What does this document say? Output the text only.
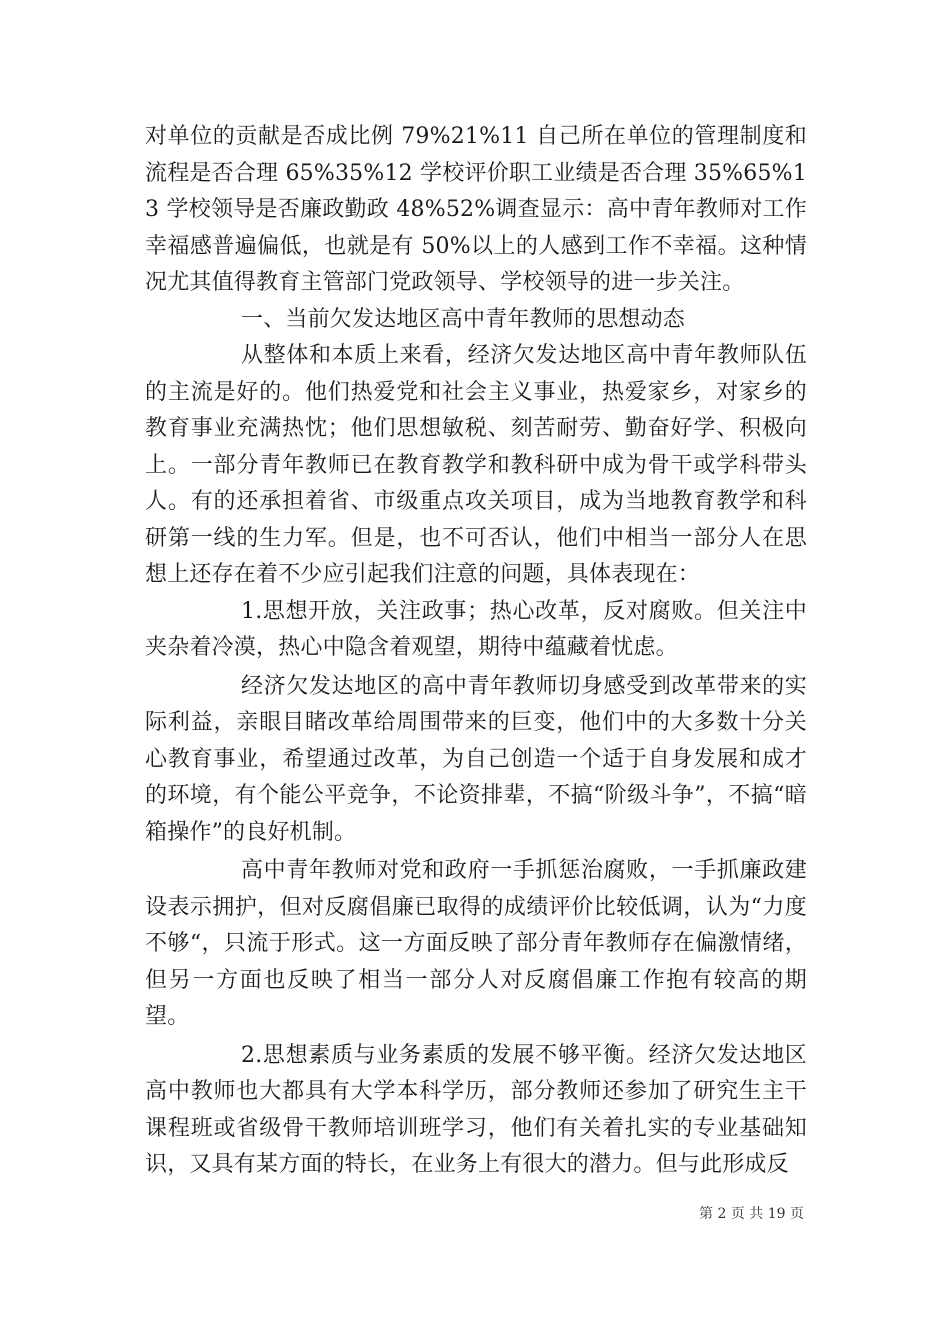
对单位的贡献是否成比例 79%21%11 自己所在单位的管理制度和流程是否合理 65%35%12 学校评价职工业绩是否合理 35%65%13 学校领导是否廉政勤政 48%52%调查显示：高中青年教师对工作幸福感普遍偏低，也就是有 50%以上的人感到工作不幸福。这种情况尤其值得教育主管部门党政领导、学校领导的进一步关注。

一、当前欠发达地区高中青年教师的思想动态

从整体和本质上来看，经济欠发达地区高中青年教师队伍的主流是好的。他们热爱党和社会主义事业，热爱家乡，对家乡的教育事业充满热忱；他们思想敏税、刻苦耐劳、勤奋好学、积极向上。一部分青年教师已在教育教学和教科研中成为骨干或学科带头人。有的还承担着省、市级重点攻关项目，成为当地教育教学和科研第一线的生力军。但是，也不可否认，他们中相当一部分人在思想上还存在着不少应引起我们注意的问题，具体表现在：

1.思想开放，关注政事；热心改革，反对腐败。但关注中夹杂着冷漠，热心中隐含着观望，期待中蕴藏着忧虑。

经济欠发达地区的高中青年教师切身感受到改革带来的实际利益，亲眼目睹改革给周围带来的巨变，他们中的大多数十分关心教育事业，希望通过改革，为自己创造一个适于自身发展和成才的环境，有个能公平竞争，不论资排辈，不搞“阶级斗争”，不搞“暗箱操作”的良好机制。

高中青年教师对党和政府一手抓惩治腐败，一手抓廉政建设表示拥护，但对反腐倡廉已取得的成绩评价比较低调，认为“力度不够“，只流于形式。这一方面反映了部分青年教师存在偏激情绪，但另一方面也反映了相当一部分人对反腐倡廉工作抱有较高的期望。

2.思想素质与业务素质的发展不够平衡。经济欠发达地区高中教师也大都具有大学本科学历，部分教师还参加了研究生主干课程班或省级骨干教师培训班学习，他们有关着扎实的专业基础知识，又具有某方面的特长，在业务上有很大的潜力。但与此形成反

第 2 页 共 19 页
